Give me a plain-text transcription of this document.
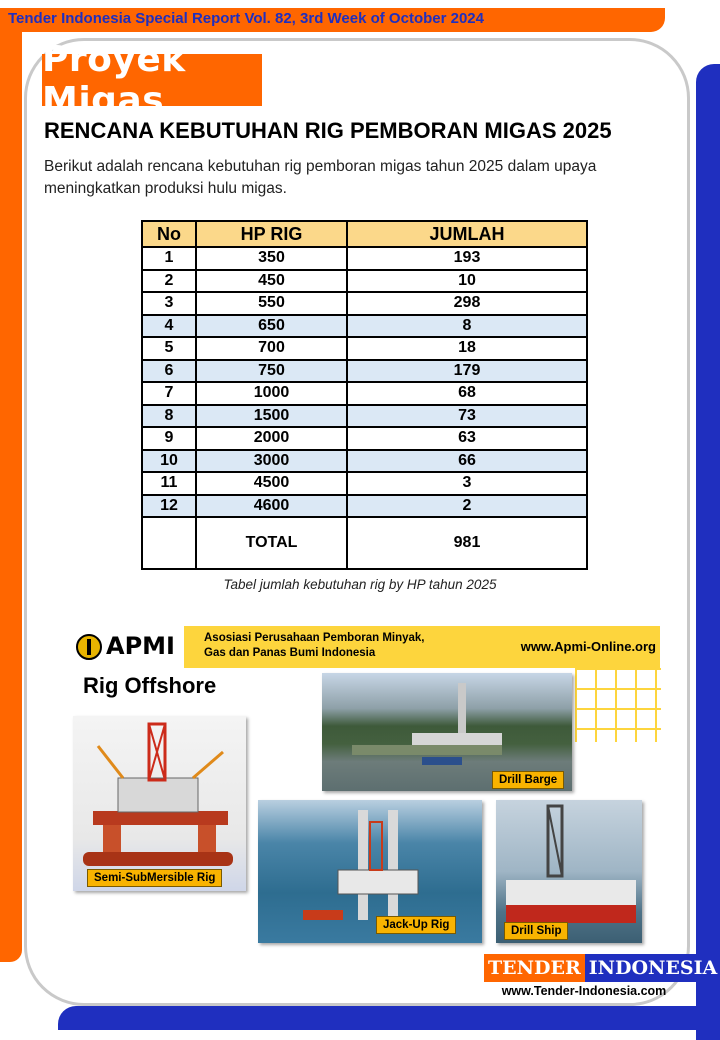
Tender Indonesia Special Report Vol. 82, 3rd Week of October 2024
Proyek Migas
RENCANA KEBUTUHAN RIG PEMBORAN MIGAS 2025
Berikut adalah rencana kebutuhan rig pemboran migas tahun 2025 dalam upaya meningkatkan produksi hulu migas.
No	HP RIG	JUMLAH
1	350	193
2	450	10
3	550	298
4	650	8
5	700	18
6	750	179
7	1000	68
8	1500	73
9	2000	63
10	3000	66
11	4500	3
12	4600	2
	TOTAL	981
Tabel jumlah kebutuhan rig by HP tahun 2025
APMI	Asosiasi Perusahaan Pemboran Minyak,
Gas dan Panas Bumi Indonesia	www.Apmi-Online.org
Rig Offshore
Semi-SubMersible Rig
Drill Barge
Jack-Up Rig	Drill Ship
TENDER INDONESIA
www.Tender-Indonesia.com
